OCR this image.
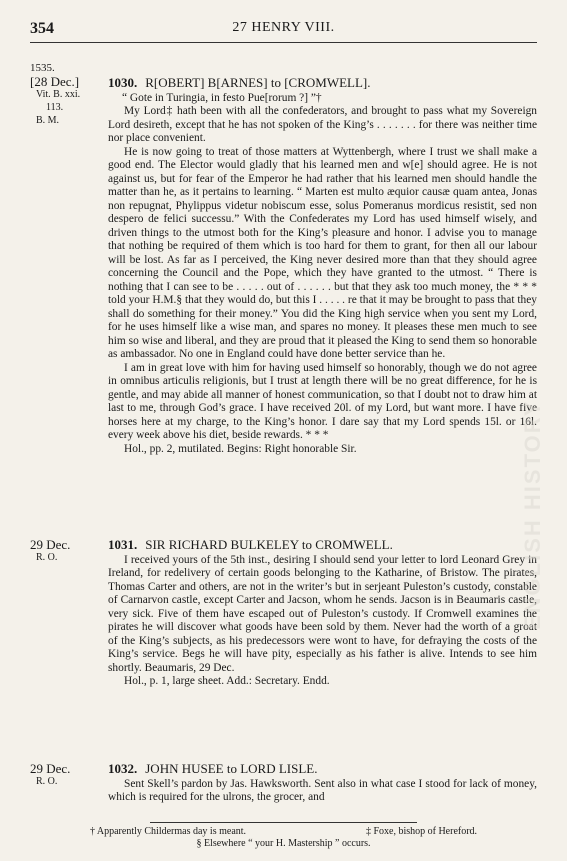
354	27 HENRY VIII.
1535.
[28 Dec.]
Vit. B. xxi.
113.
B. M.
1030. R[OBERT] B[ARNES] to [CROMWELL].

“ Gote in Turingia, in festo Pue[rorum ?] ”†

My Lord‡ hath been with all the confederators, and brought to pass what my Sovereign Lord desireth, except that he has not spoken of the King’s . . . . . . . for there was neither time nor place convenient.

He is now going to treat of those matters at Wyttenbergh, where I trust we shall make a good end. The Elector would gladly that his learned men and w[e] should agree. He is not against us, but for fear of the Emperor he had rather that his learned men should handle the matter than he, as it pertains to learning. “ Marten est multo æquior causæ quam antea, Jonas non repugnat, Phylippus videtur nobiscum esse, solus Pomeranus mordicus resistit, sed non despero de felici successu.” With the Confederates my Lord has used himself wisely, and driven things to the utmost both for the King’s pleasure and honor. I advise you to manage that nothing be required of them which is too hard for them to grant, for then all our labour will be lost. As far as I perceived, the King never desired more than that they should agree concerning the Council and the Pope, which they have granted to the utmost. “ There is nothing that I can see to be . . . . . out of . . . . . . but that they ask too much money, the * * * told your H.M.§ that they would do, but this I . . . . . re that it may be brought to pass that they shall do something for their money.” You did the King high service when you sent my Lord, for he uses himself like a wise man, and spares no money. It pleases these men much to see him so wise and liberal, and they are proud that it pleased the King to send them so honorable as ambassador. No one in England could have done better service than he.

I am in great love with him for having used himself so honorably, though we do not agree in omnibus articulis religionis, but I trust at length there will be no great difference, for he is gentle, and may abide all manner of honest communication, so that I doubt not to draw him at last to me, through God’s grace. I have received 20l. of my Lord, but want more. I have five horses here at my charge, to the King’s honor. I dare say that my Lord spends 15l. or 16l. every week above his diet, beside rewards. * * *

Hol., pp. 2, mutilated. Begins: Right honorable Sir.

29 Dec.
R. O.
1031. SIR RICHARD BULKELEY to CROMWELL.

I received yours of the 5th inst., desiring I should send your letter to lord Leonard Grey in Ireland, for redelivery of certain goods belonging to the Katharine, of Bristow. The pirates, Thomas Carter and others, are not in the writer’s but in serjeant Puleston’s custody, constable of Carnarvon castle, except Carter and Jacson, whom he sends. Jacson is in Beaumaris castle, very sick. Five of them have escaped out of Puleston’s custody. If Cromwell examines the pirates he will discover what goods have been sold by them. Never had the worth of a groat of the King’s subjects, as his predecessors were wont to have, for defraying the costs of the King’s service. Begs he will have pity, especially as his father is alive. Intends to see him shortly. Beaumaris, 29 Dec.

Hol., p. 1, large sheet. Add.: Secretary. Endd.

29 Dec.
R. O.
1032. JOHN HUSEE to LORD LISLE.

Sent Skell’s pardon by Jas. Hawksworth. Sent also in what case I stood for lack of money, which is required for the ulrons, the grocer, and

† Apparently Childermas day is meant.	‡ Foxe, bishop of Hereford.
§ Elsewhere “ your H. Mastership ” occurs.
ENGLISH HISTORY
